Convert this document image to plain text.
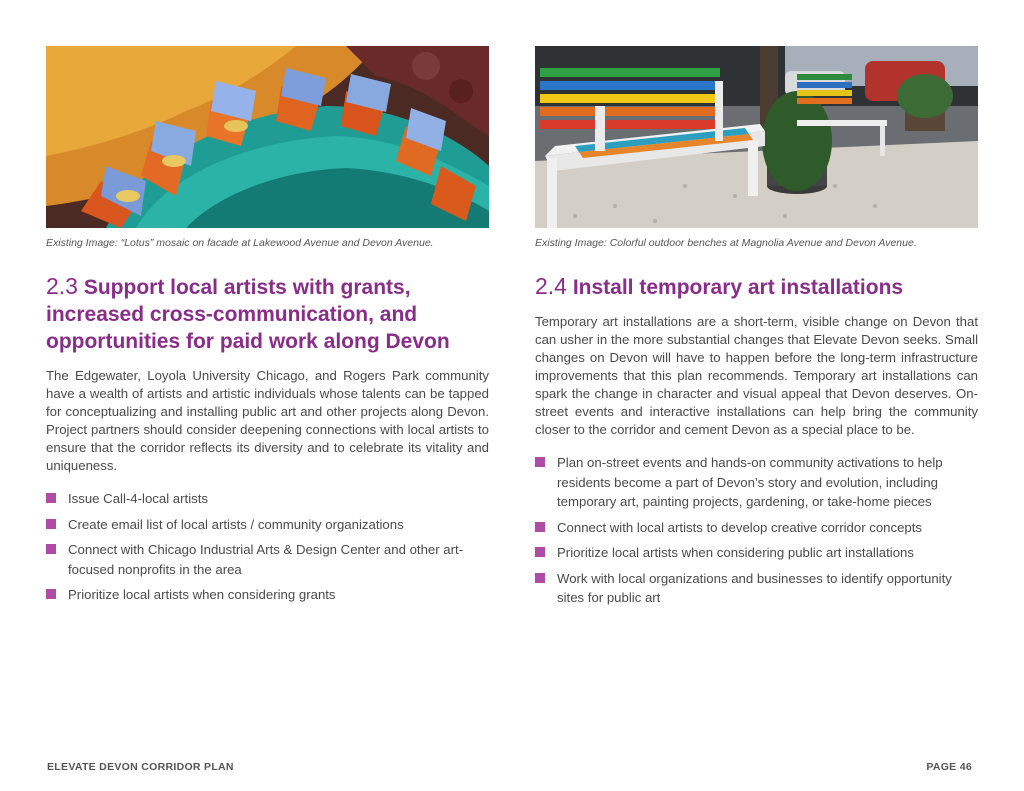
Existing Image: “Lotus” mosaic on facade at Lakewood Avenue and Devon Avenue.
2.3 Support local artists with grants, increased cross-communication, and opportunities for paid work along Devon

The Edgewater, Loyola University Chicago, and Rogers Park community have a wealth of artists and artistic individuals whose talents can be tapped for conceptualizing and installing public art and other projects along Devon. Project partners should consider deepening connections with local artists to ensure that the corridor reflects its diversity and to celebrate its vitality and uniqueness.

Issue Call-4-local artists
Create email list of local artists / community organizations
Connect with Chicago Industrial Arts & Design Center and other art-focused nonprofits in the area
Prioritize local artists when considering grants
Existing Image: Colorful outdoor benches at Magnolia Avenue and Devon Avenue.
2.4 Install temporary art installations

Temporary art installations are a short-term, visible change on Devon that can usher in the more substantial changes that Elevate Devon seeks. Small changes on Devon will have to happen before the long-term infrastructure improvements that this plan recommends. Temporary art installations can spark the change in character and visual appeal that Devon deserves. On-street events and interactive installations can help bring the community closer to the corridor and cement Devon as a special place to be.

Plan on-street events and hands-on community activations to help residents become a part of Devon’s story and evolution, including temporary art, painting projects, gardening, or take-home pieces
Connect with local artists to develop creative corridor concepts
Prioritize local artists when considering public art installations
Work with local organizations and businesses to identify opportunity sites for public art
ELEVATE DEVON CORRIDOR PLAN	PAGE 46
